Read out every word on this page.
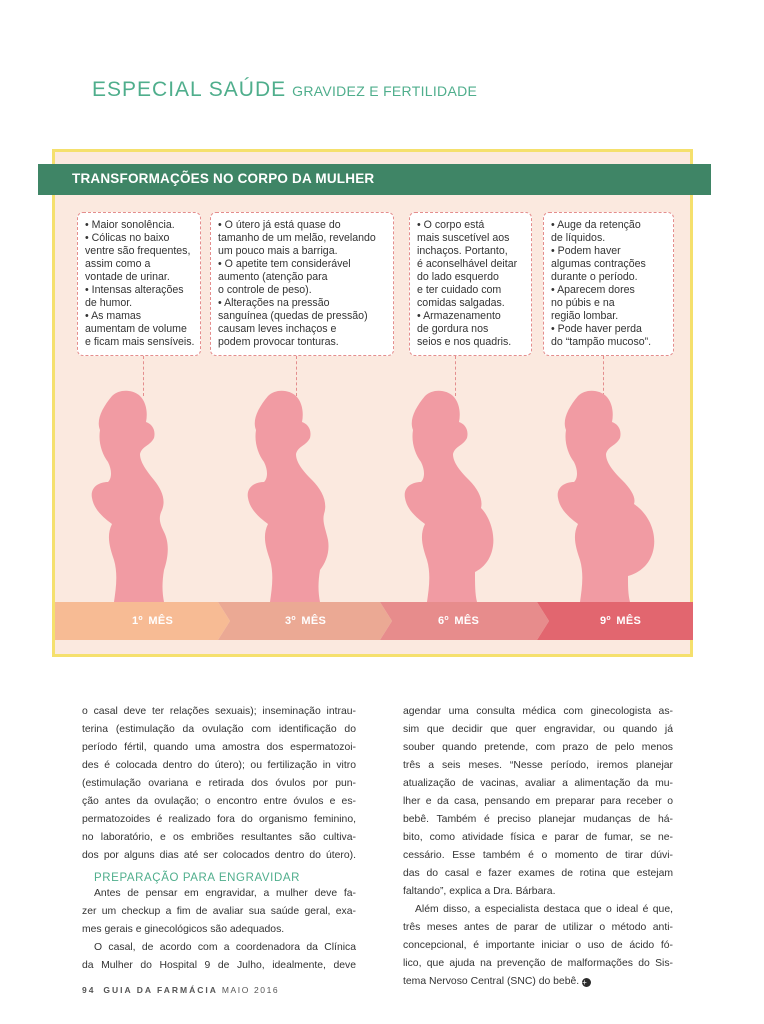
ESPECIAL SAÚDE GRAVIDEZ E FERTILIDADE
TRANSFORMAÇÕES NO CORPO DA MULHER
• Maior sonolência.
• Cólicas no baixo
ventre são frequentes,
assim como a
vontade de urinar.
• Intensas alterações
de humor.
• As mamas
aumentam de volume
e ficam mais sensíveis.
• O útero já está quase do
tamanho de um melão, revelando
um pouco mais a barriga.
• O apetite tem considerável
aumento (atenção para
o controle de peso).
• Alterações na pressão
sanguínea (quedas de pressão)
causam leves inchaços e
podem provocar tonturas.
• O corpo está
mais suscetível aos
inchaços. Portanto,
é aconselhável deitar
do lado esquerdo
e ter cuidado com
comidas salgadas.
• Armazenamento
de gordura nos
seios e nos quadris.
• Auge da retenção
de líquidos.
• Podem haver
algumas contrações
durante o período.
• Aparecem dores
no púbis e na
região lombar.
• Pode haver perda
do “tampão mucoso”.
1$^o$ MÊS	3$^o$ MÊS	6$^o$ MÊS	9$^o$ MÊS
o casal deve ter relações sexuais); inseminação intrau-
terina (estimulação da ovulação com identificação do
período fértil, quando uma amostra dos espermatozoi-
des é colocada dentro do útero); ou fertilização in vitro
(estimulação ovariana e retirada dos óvulos por pun-
ção antes da ovulação; o encontro entre óvulos e es-
permatozoides é realizado fora do organismo feminino,
no laboratório, e os embriões resultantes são cultiva-
dos por alguns dias até ser colocados dentro do útero).
PREPARAÇÃO PARA ENGRAVIDAR
Antes de pensar em engravidar, a mulher deve fa-
zer um checkup a fim de avaliar sua saúde geral, exa-
mes gerais e ginecológicos são adequados.
O casal, de acordo com a coordenadora da Clínica
da Mulher do Hospital 9 de Julho, idealmente, deve
agendar uma consulta médica com ginecologista as-
sim que decidir que quer engravidar, ou quando já
souber quando pretende, com prazo de pelo menos
três a seis meses. “Nesse período, iremos planejar
atualização de vacinas, avaliar a alimentação da mu-
lher e da casa, pensando em preparar para receber o
bebê. Também é preciso planejar mudanças de há-
bito, como atividade física e parar de fumar, se ne-
cessário. Esse também é o momento de tirar dúvi-
das do casal e fazer exames de rotina que estejam
faltando”, explica a Dra. Bárbara.
Além disso, a especialista destaca que o ideal é que,
três meses antes de parar de utilizar o método anti-
concepcional, é importante iniciar o uso de ácido fó-
lico, que ajuda na prevenção de malformações do Sis-
tema Nervoso Central (SNC) do bebê. +
94 GUIA DA FARMÁCIA MAIO 2016
